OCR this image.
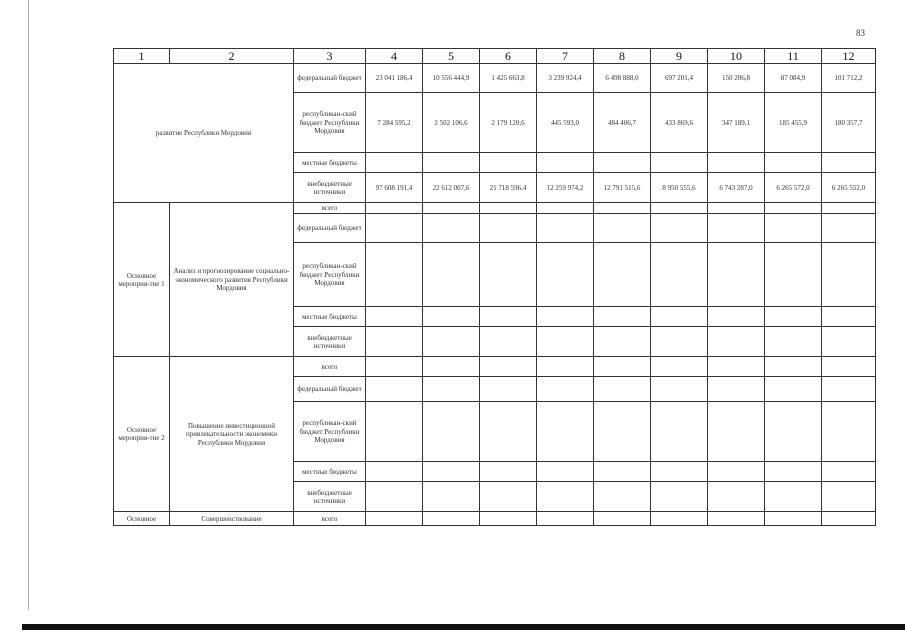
83
1	2	3	4	5	6	7	8	9	10	11	12
развитие Республики Мордовия		федеральный бюджет	23 041 186,4	10 556 444,9	1 425 663,8	3 239 924,4	6 498 888,0	697 201,4	150 206,8	87 084,9	101 712,2
		республикан-ский бюджет Республики Мордовия	7 284 595,2	2 502 106,6	2 179 120,6	445 593,0	484 406,7	433 869,6	347 189,1	185 455,9	180 357,7
		местные бюджеты									
		внебюджетные источники	97 608 191,4	22 612 007,6	21 718 596,4	12 259 974,2	12 791 515,6	8 950 555,6	6 743 287,0	6 265 572,0	6 265 552,0
Основное мероприя-тие 1	Анализ и прогнозирование социально-экономического развития Республики Мордовия	всего									
		федеральный бюджет									
		республикан-ский бюджет Республики Мордовия									
		местные бюджеты									
		внебюджетные источники									
Основное мероприя-тие 2	Повышение инвестиционной привлекательности экономики Республики Мордовия	всего									
		федеральный бюджет									
		республикан-ский бюджет Республики Мордовия									
		местные бюджеты									
		внебюджетные источники									
Основное	Совершенствование	всего									
